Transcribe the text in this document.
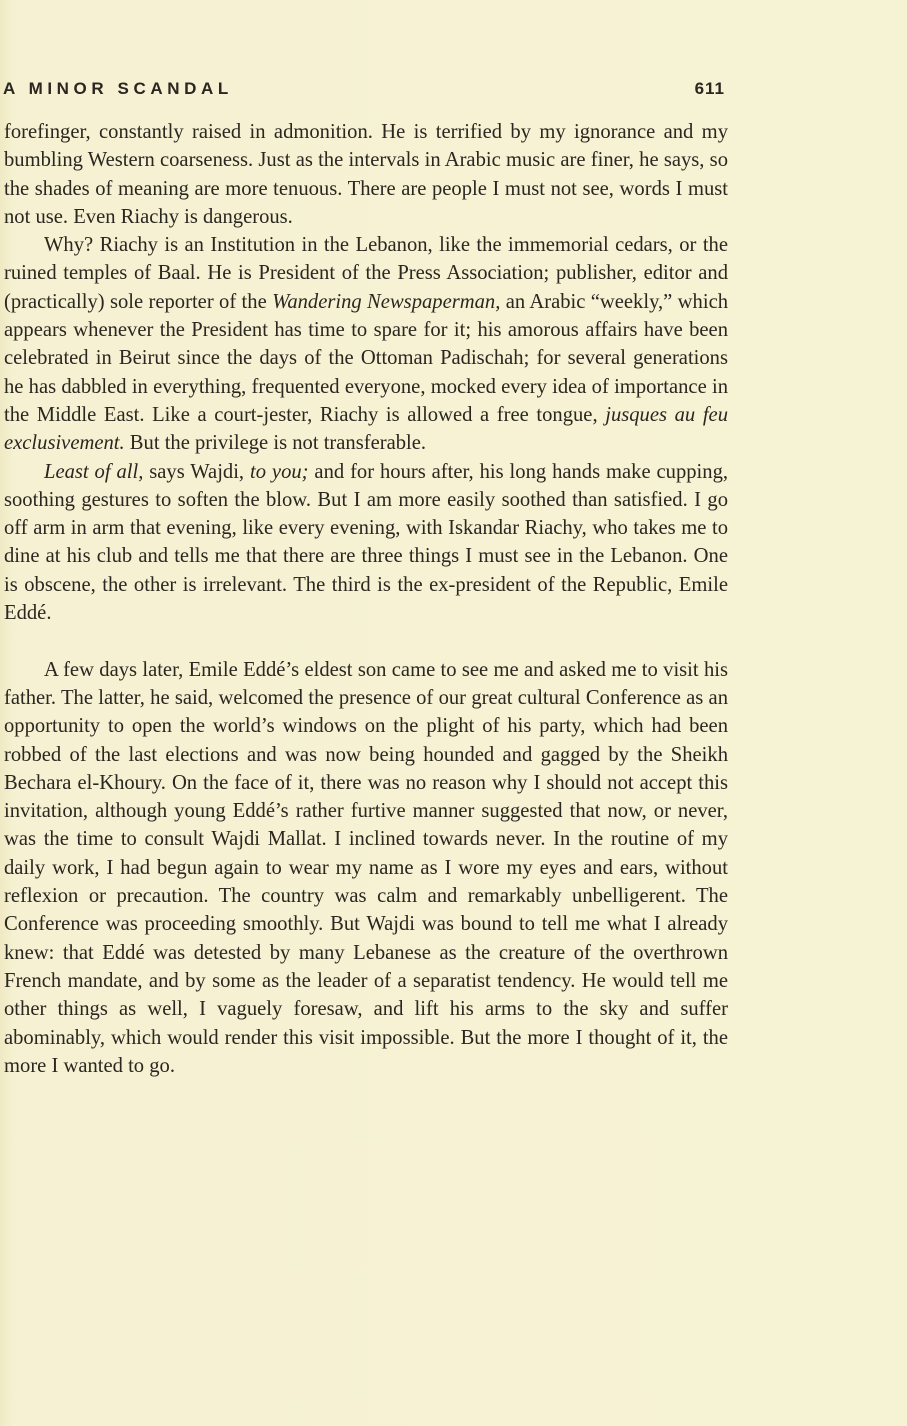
A MINOR SCANDAL	611

forefinger, constantly raised in admonition. He is terrified by my ignorance and my bumbling Western coarseness. Just as the intervals in Arabic music are finer, he says, so the shades of meaning are more tenuous. There are people I must not see, words I must not use. Even Riachy is dangerous.

Why? Riachy is an Institution in the Lebanon, like the immemorial cedars, or the ruined temples of Baal. He is President of the Press Association; publisher, editor and (practically) sole reporter of the Wandering Newspaperman, an Arabic “weekly,” which appears whenever the President has time to spare for it; his amorous affairs have been celebrated in Beirut since the days of the Ottoman Padischah; for several generations he has dabbled in everything, frequented everyone, mocked every idea of importance in the Middle East. Like a court-jester, Riachy is allowed a free tongue, jusques au feu exclusivement. But the privilege is not transferable.

Least of all, says Wajdi, to you; and for hours after, his long hands make cupping, soothing gestures to soften the blow. But I am more easily soothed than satisfied. I go off arm in arm that evening, like every evening, with Iskandar Riachy, who takes me to dine at his club and tells me that there are three things I must see in the Lebanon. One is obscene, the other is irrelevant. The third is the ex-president of the Republic, Emile Eddé.

A few days later, Emile Eddé’s eldest son came to see me and asked me to visit his father. The latter, he said, welcomed the presence of our great cultural Conference as an opportunity to open the world’s windows on the plight of his party, which had been robbed of the last elections and was now being hounded and gagged by the Sheikh Bechara el-Khoury. On the face of it, there was no reason why I should not accept this invitation, although young Eddé’s rather furtive manner suggested that now, or never, was the time to consult Wajdi Mallat. I inclined towards never. In the routine of my daily work, I had begun again to wear my name as I wore my eyes and ears, without reflexion or precaution. The country was calm and remarkably unbelligerent. The Conference was proceeding smoothly. But Wajdi was bound to tell me what I already knew: that Eddé was detested by many Lebanese as the creature of the overthrown French mandate, and by some as the leader of a separatist tendency. He would tell me other things as well, I vaguely foresaw, and lift his arms to the sky and suffer abominably, which would render this visit impossible. But the more I thought of it, the more I wanted to go.
